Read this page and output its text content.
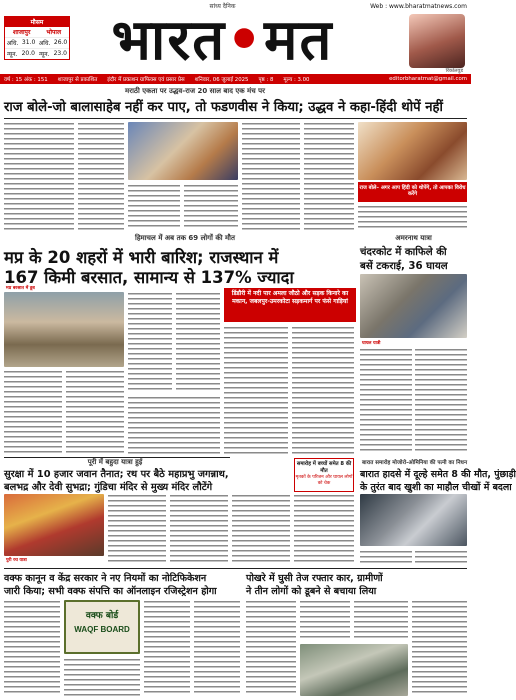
मौसम
शाजापुर	भोपाल
अधि. 31.0 अधि. 26.0
न्यून. 20.0 न्यून. 23.0
सांध्य दैनिक
भारत•मत
Web : www.bharatmatnews.com
रिंकोलवुड
वर्ष : 15 अंक : 151 शाजापुर से प्रकाशित इंदौर में प्रकाशन ग्राफिक्स एवं प्रसार प्रेस शनिवार, 06 जुलाई 2025 पृष्ठ : 8 मूल्य : 3.00	editorbharatmat@gmail.com
मराठी एकता पर उद्धव-राज 20 साल बाद एक मंच पर
राज बोले-जो बालासाहेब नहीं कर पाए, तो फडणवीस ने किया; उद्धव ने कहा-हिंदी थोपें नहीं
राज बोले– अगर आप हिंदी को थोपेंगे, तो आपका विरोध करेंगे
हिमाचल में अब तक 69 लोगों की मौत
मप्र के 20 शहरों में भारी बारिश; राजस्थान में
167 किमी बरसात, सामान्य से 137% ज्यादा
मप्र बरसात में डूब
डिंडौरी में नदी पार अमला जौठो और सड़क किनारे का मकान, जबलपुर-उमरकोटा सड़कमार्ग पर फंसे गाड़ियां
अमरनाथ यात्रा
चंदरकोट में काफिले की
बसें टकराई, 36 घायल
घायल यात्री
पूरी में बहुदा यात्रा हुई
सुरक्षा में 10 हजार जवान तैनात; रथ पर बैठे महाप्रभु जगन्नाथ,
बलभद्र और देवी सुभद्रा; गुंडिचा मंदिर से मुख्य मंदिर लौटेंगे
पुरी रथ यात्रा
समारोह में बच्चों समेत 8 की मौत
मृतकों के परिजन और घायल लोगों को चेक
बारात समारोह मोजोरो-ओमिनिया की पत्नी का निधन
बारात हादसे में दूल्हे समेत 8 की मौत, पुंछाड़ी
के तुरंत बाद खुशी का माहौल चीखों में बदला
वक्फ कानून व केंद्र सरकार ने नए नियमों का नोटिफिकेशन
जारी किया; सभी वक्फ संपत्ति का ऑनलाइन रजिस्ट्रेशन होगा
वक्फ बोर्ड
WAQF BOARD
पोखरे में घुसी तेज रफ्तार कार, ग्रामीणों
ने तीन लोगों को डूबने से बचाया लिया
